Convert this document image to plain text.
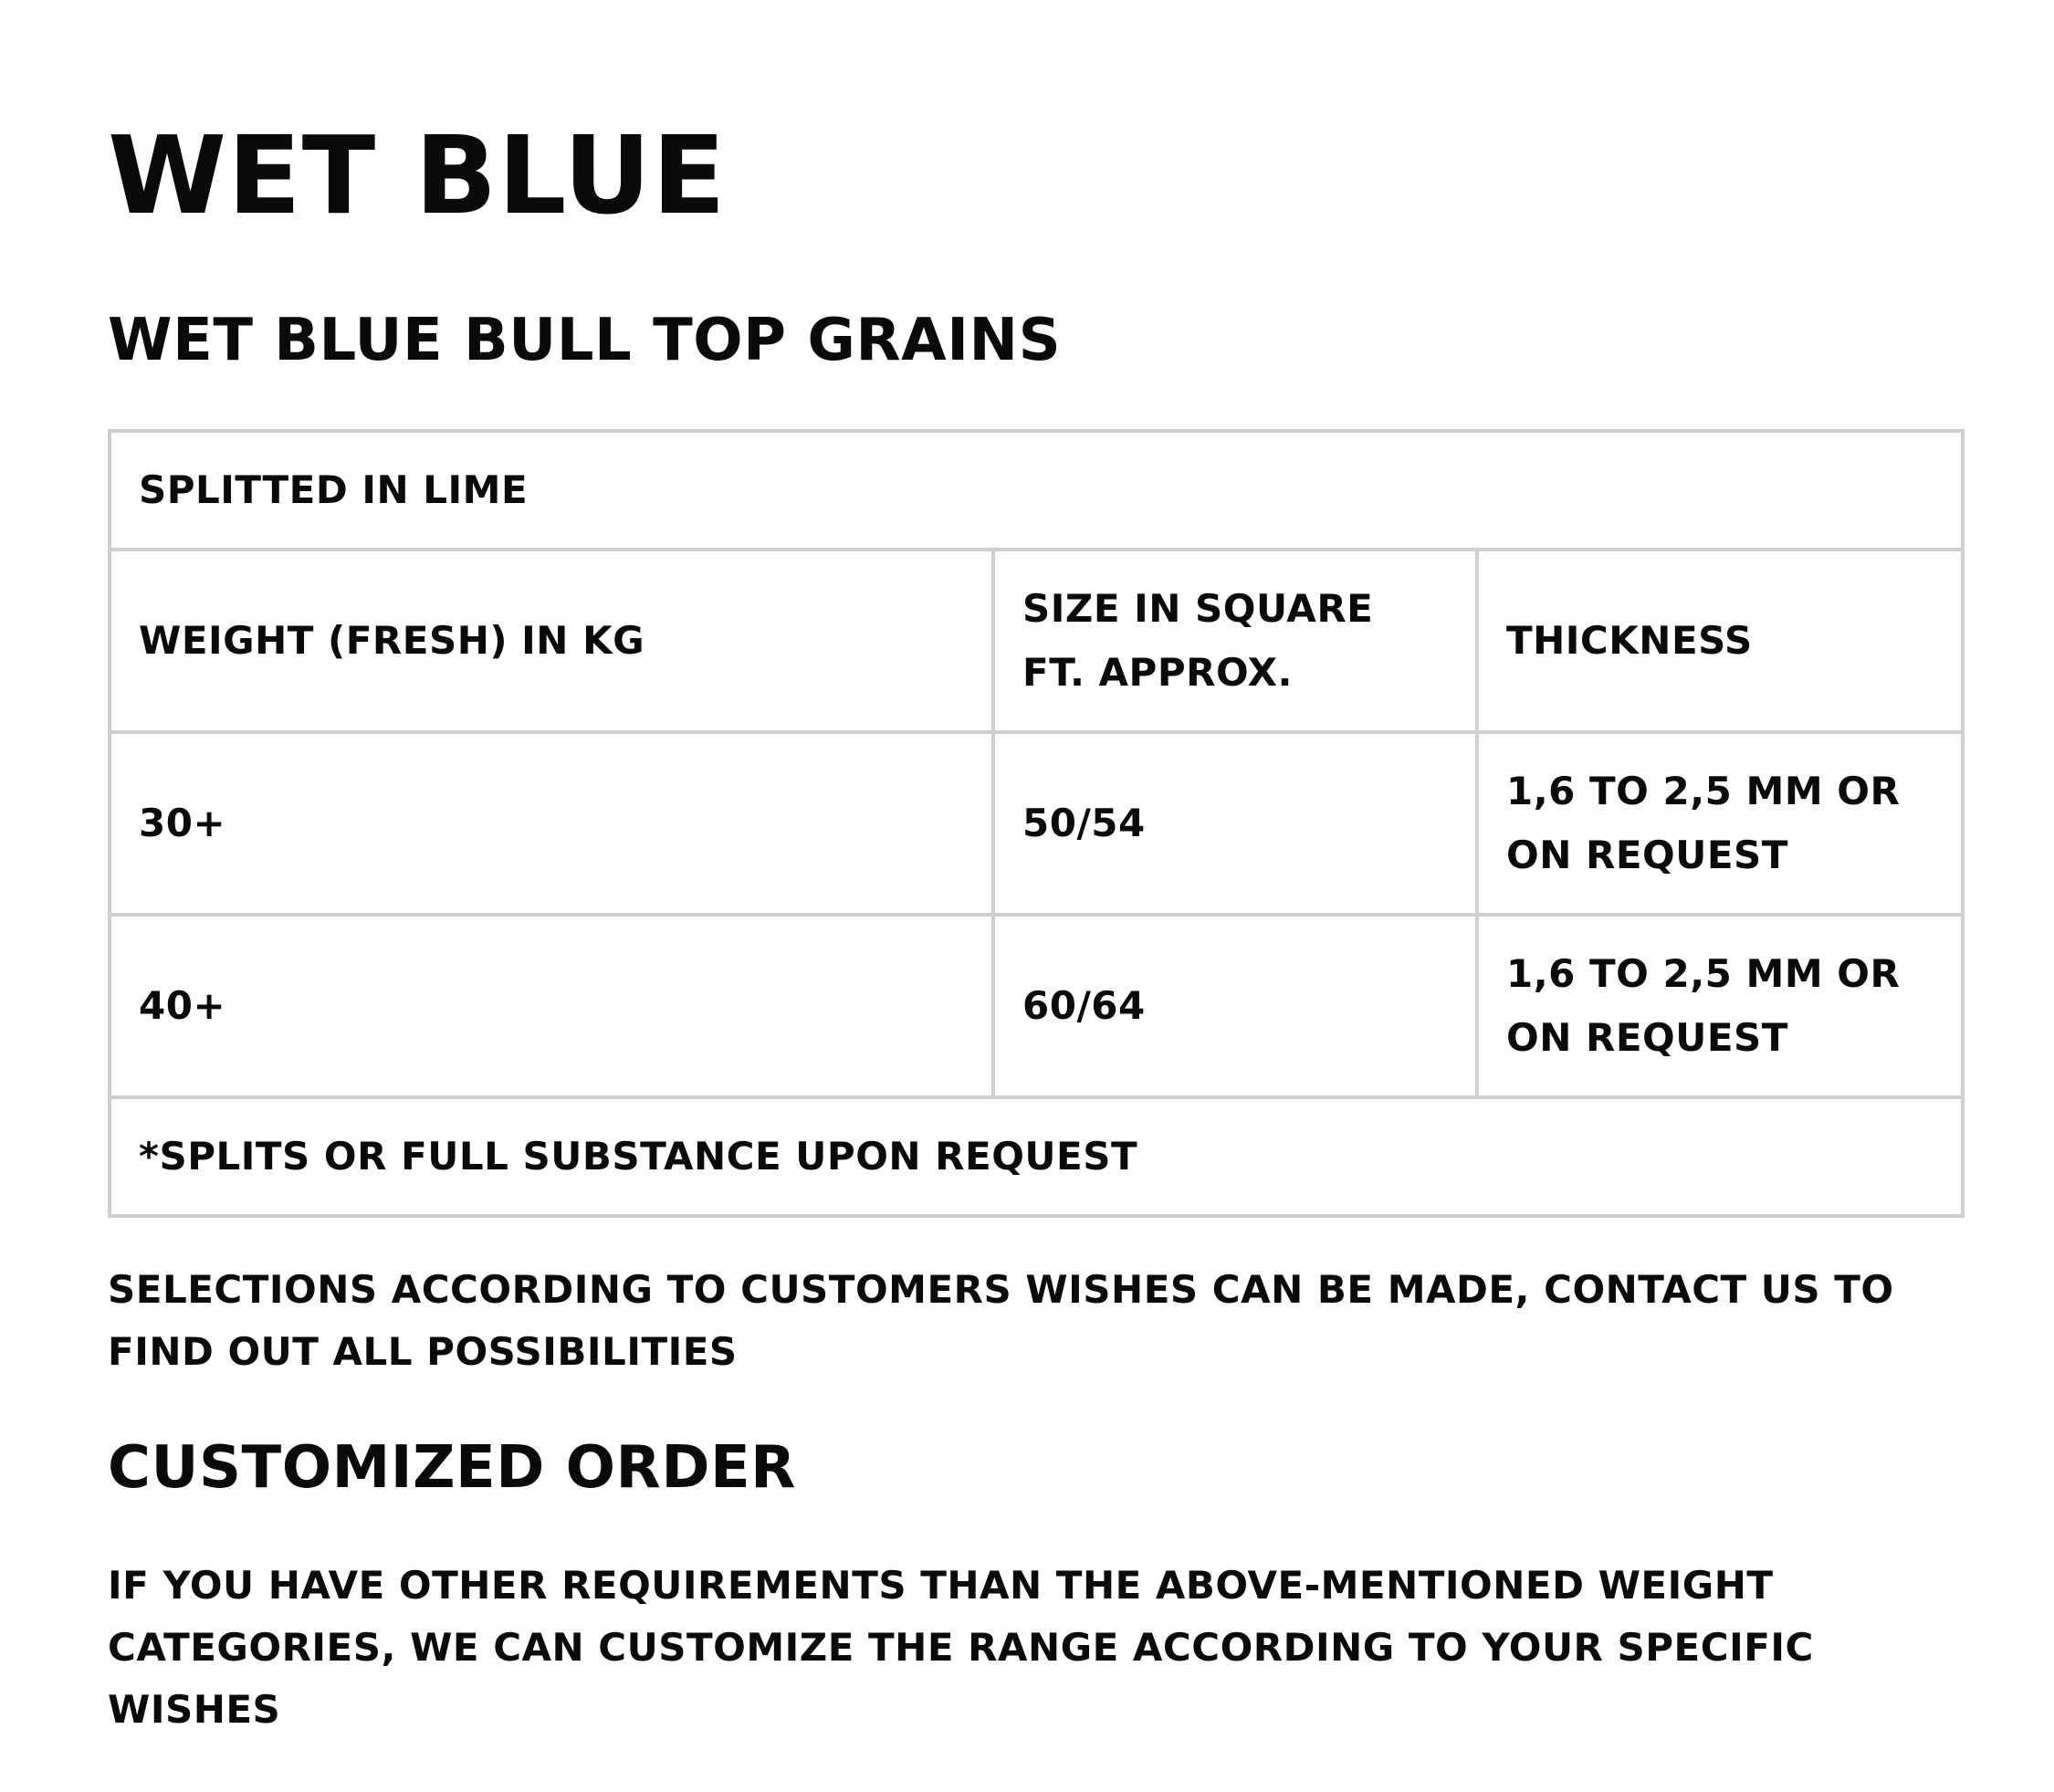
WET BLUE
WET BLUE BULL TOP GRAINS
SPLITTED IN LIME		
WEIGHT (FRESH) IN KG	SIZE IN SQUARE FT. APPROX.	THICKNESS
30+	50/54	1,6 TO 2,5 MM OR ON REQUEST
40+	60/64	1,6 TO 2,5 MM OR ON REQUEST
*SPLITS OR FULL SUBSTANCE UPON REQUEST		

SELECTIONS ACCORDING TO CUSTOMERS WISHES CAN BE MADE, CONTACT US TO FIND OUT ALL POSSIBILITIES

CUSTOMIZED ORDER

IF YOU HAVE OTHER REQUIREMENTS THAN THE ABOVE-MENTIONED WEIGHT CATEGORIES, WE CAN CUSTOMIZE THE RANGE ACCORDING TO YOUR SPECIFIC WISHES
